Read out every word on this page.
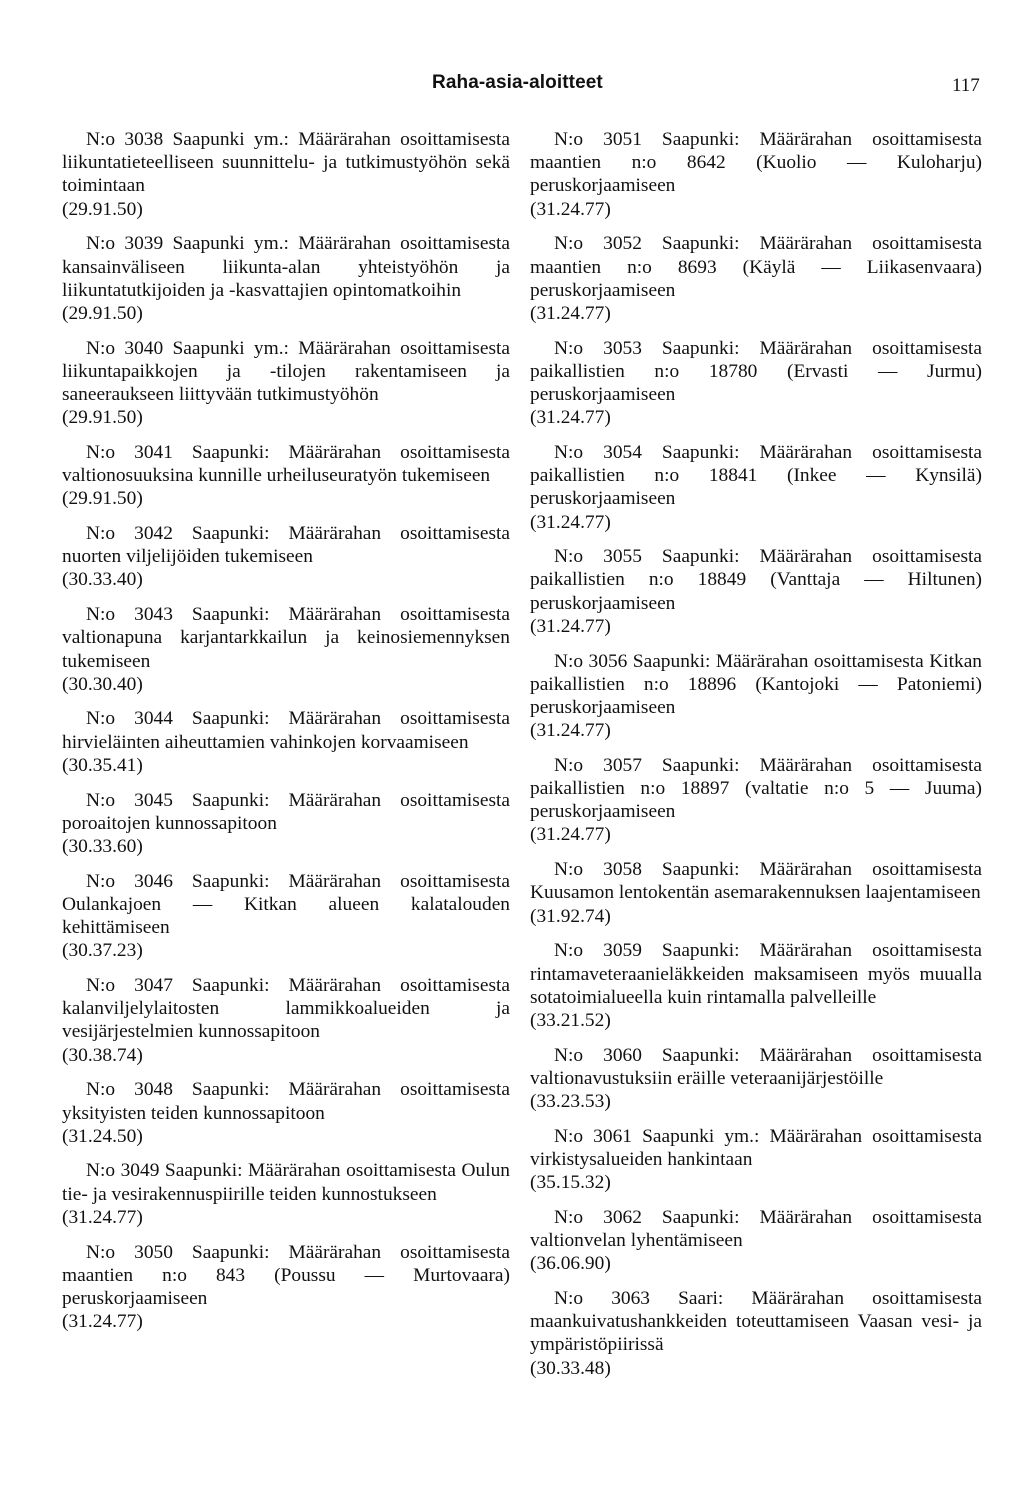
Raha-asia-aloitteet	117
N:o 3038 Saapunki ym.: Määrärahan osoittamisesta liikuntatieteelliseen suunnittelu- ja tutkimustyöhön sekä toimintaan
(29.91.50)
N:o 3039 Saapunki ym.: Määrärahan osoittamisesta kansainväliseen liikunta-alan yhteistyöhön ja liikuntatutkijoiden ja -kasvattajien opintomatkoihin
(29.91.50)
N:o 3040 Saapunki ym.: Määrärahan osoittamisesta liikuntapaikkojen ja -tilojen rakentamiseen ja saneeraukseen liittyvään tutkimustyöhön
(29.91.50)
N:o 3041 Saapunki: Määrärahan osoittamisesta valtionosuuksina kunnille urheiluseuratyön tukemiseen
(29.91.50)
N:o 3042 Saapunki: Määrärahan osoittamisesta nuorten viljelijöiden tukemiseen
(30.33.40)
N:o 3043 Saapunki: Määrärahan osoittamisesta valtionapuna karjantarkkailun ja keinosiemennyksen tukemiseen
(30.30.40)
N:o 3044 Saapunki: Määrärahan osoittamisesta hirvieläinten aiheuttamien vahinkojen korvaamiseen
(30.35.41)
N:o 3045 Saapunki: Määrärahan osoittamisesta poroaitojen kunnossapitoon
(30.33.60)
N:o 3046 Saapunki: Määrärahan osoittamisesta Oulankajoen — Kitkan alueen kalatalouden kehittämiseen
(30.37.23)
N:o 3047 Saapunki: Määrärahan osoittamisesta kalanviljelylaitosten lammikkoalueiden ja vesijärjestelmien kunnossapitoon
(30.38.74)
N:o 3048 Saapunki: Määrärahan osoittamisesta yksityisten teiden kunnossapitoon
(31.24.50)
N:o 3049 Saapunki: Määrärahan osoittamisesta Oulun tie- ja vesirakennuspiirille teiden kunnostukseen
(31.24.77)
N:o 3050 Saapunki: Määrärahan osoittamisesta maantien n:o 843 (Poussu — Murtovaara) peruskorjaamiseen
(31.24.77)
N:o 3051 Saapunki: Määrärahan osoittamisesta maantien n:o 8642 (Kuolio — Kuloharju) peruskorjaamiseen
(31.24.77)
N:o 3052 Saapunki: Määrärahan osoittamisesta maantien n:o 8693 (Käylä — Liikasenvaara) peruskorjaamiseen
(31.24.77)
N:o 3053 Saapunki: Määrärahan osoittamisesta paikallistien n:o 18780 (Ervasti — Jurmu) peruskorjaamiseen
(31.24.77)
N:o 3054 Saapunki: Määrärahan osoittamisesta paikallistien n:o 18841 (Inkee — Kynsilä) peruskorjaamiseen
(31.24.77)
N:o 3055 Saapunki: Määrärahan osoittamisesta paikallistien n:o 18849 (Vanttaja — Hiltunen) peruskorjaamiseen
(31.24.77)
N:o 3056 Saapunki: Määrärahan osoittamisesta Kitkan paikallistien n:o 18896 (Kantojoki — Patoniemi) peruskorjaamiseen
(31.24.77)
N:o 3057 Saapunki: Määrärahan osoittamisesta paikallistien n:o 18897 (valtatie n:o 5 — Juuma) peruskorjaamiseen
(31.24.77)
N:o 3058 Saapunki: Määrärahan osoittamisesta Kuusamon lentokentän asemarakennuksen laajentamiseen
(31.92.74)
N:o 3059 Saapunki: Määrärahan osoittamisesta rintamaveteraanieläkkeiden maksamiseen myös muualla sotatoimialueella kuin rintamalla palvelleille
(33.21.52)
N:o 3060 Saapunki: Määrärahan osoittamisesta valtionavustuksiin eräille veteraanijärjestöille
(33.23.53)
N:o 3061 Saapunki ym.: Määrärahan osoittamisesta virkistysalueiden hankintaan
(35.15.32)
N:o 3062 Saapunki: Määrärahan osoittamisesta valtionvelan lyhentämiseen
(36.06.90)
N:o 3063 Saari: Määrärahan osoittamisesta maankuivatushankkeiden toteuttamiseen Vaasan vesi- ja ympäristöpiirissä
(30.33.48)
